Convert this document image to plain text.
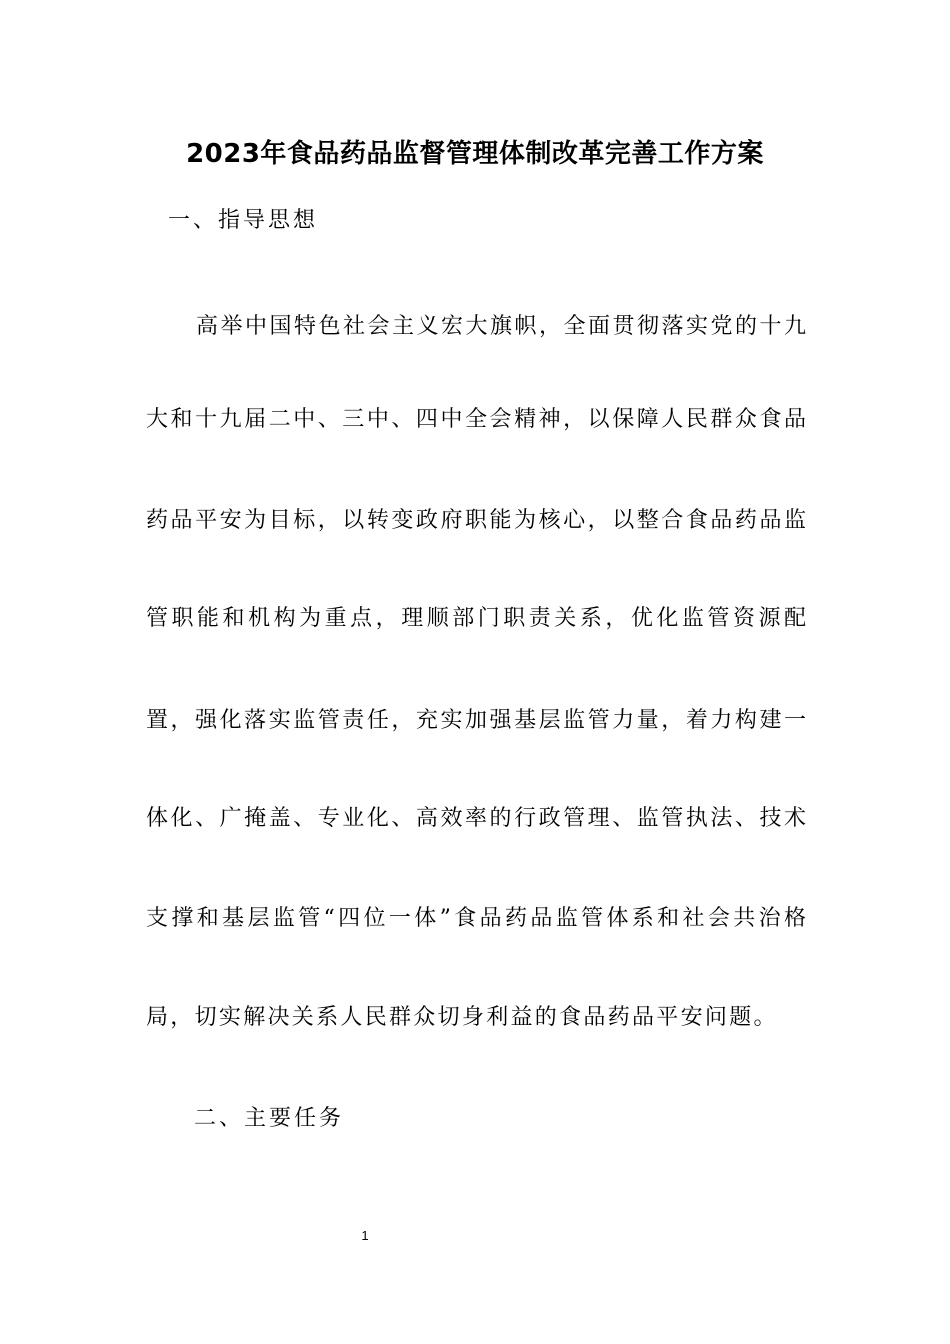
2023年食品药品监督管理体制改革完善工作方案
一、指导思想
高举中国特色社会主义宏大旗帜，全面贯彻落实党的十九
大和十九届二中、三中、四中全会精神，以保障人民群众食品
药品平安为目标，以转变政府职能为核心，以整合食品药品监
管职能和机构为重点，理顺部门职责关系，优化监管资源配
置，强化落实监管责任，充实加强基层监管力量，着力构建一
体化、广掩盖、专业化、高效率的行政管理、监管执法、技术
支撑和基层监管“四位一体”食品药品监管体系和社会共治格
局，切实解决关系人民群众切身利益的食品药品平安问题。
二、主要任务
1
